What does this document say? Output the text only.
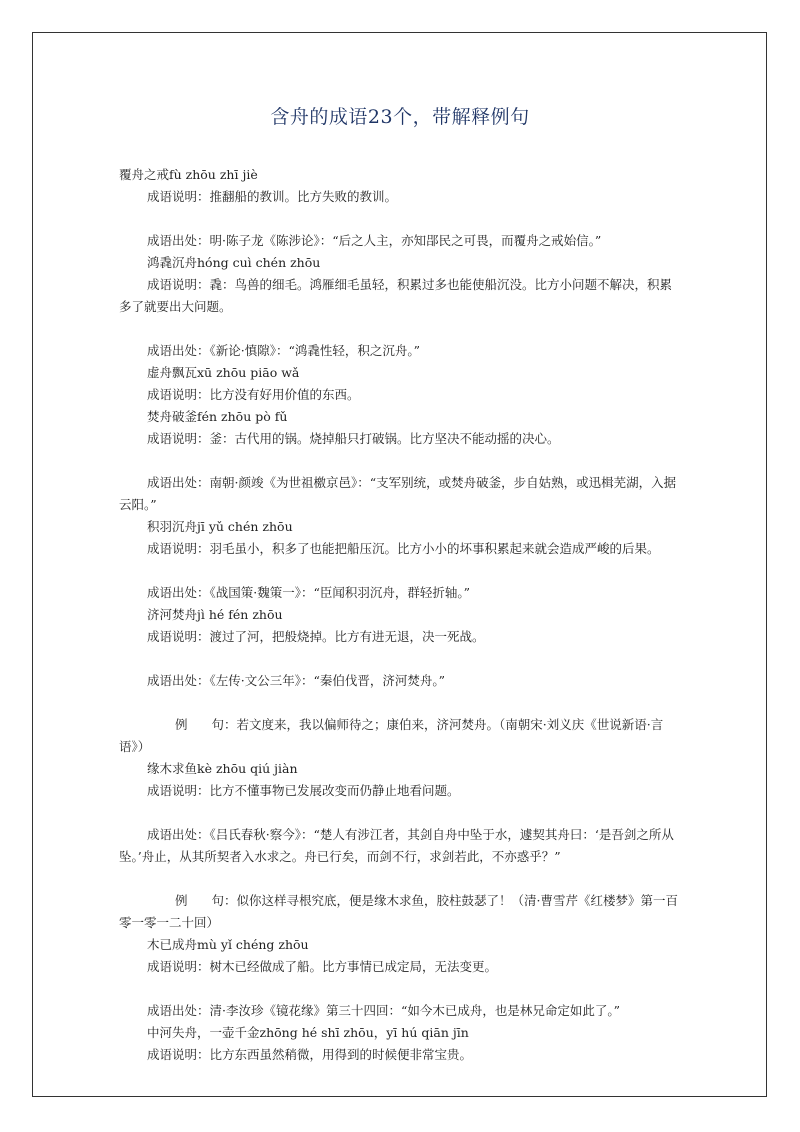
含舟的成语23个，带解释例句
覆舟之戒fù zhōu zhī jiè
成语说明：推翻船的教训。比方失败的教训。
成语出处：明·陈子龙《陈涉论》：“后之人主，亦知郘民之可畏，而覆舟之戒始信。”
鸿毳沉舟hóng cuì chén zhōu
成语说明：毳：鸟兽的细毛。鸿雁细毛虽轻，积累过多也能使船沉没。比方小问题不解决，积累多了就要出大问题。
成语出处：《新论·慎隙》：“鸿毳性轻，积之沉舟。”
虚舟飘瓦xū zhōu piāo wǎ
成语说明：比方没有好用价值的东西。
焚舟破釜fén zhōu pò fǔ
成语说明：釜：古代用的锅。烧掉船只打破锅。比方坚决不能动摇的决心。
成语出处：南朝·颜竣《为世祖檄京邑》：“支军别统，或焚舟破釜，步自姑熟，或迅楫芜湖，入据云阳。”
积羽沉舟jī yǔ chén zhōu
成语说明：羽毛虽小，积多了也能把船压沉。比方小小的坏事积累起来就会造成严峻的后果。
成语出处：《战国策·魏策一》：“臣闻积羽沉舟，群轻折轴。”
济河焚舟jì hé fén zhōu
成语说明：渡过了河，把般烧掉。比方有进无退，决一死战。
成语出处：《左传·文公三年》：“秦伯伐晋，济河焚舟。”
例 句：若文度来，我以偏师待之；康伯来，济河焚舟。（南朝宋·刘义庆《世说新语·言语》）
缘木求鱼kè zhōu qiú jiàn
成语说明：比方不懂事物已发展改变而仍静止地看问题。
成语出处：《吕氏春秋·察今》：“楚人有涉江者，其剑自舟中坠于水，遽契其舟曰：‘是吾剑之所从坠。’舟止，从其所契者入水求之。舟已行矣，而剑不行，求剑若此，不亦惑乎？”
例 句：似你这样寻根究底，便是缘木求鱼，胶柱鼓瑟了！（清·曹雪芹《红楼梦》第一百零一零一二十回）
木已成舟mù yǐ chéng zhōu
成语说明：树木已经做成了船。比方事情已成定局，无法变更。
成语出处：清·李汝珍《镜花缘》第三十四回：“如今木已成舟，也是林兄命定如此了。”
中河失舟，一壶千金zhōng hé shī zhōu，yī hú qiān jīn
成语说明：比方东西虽然稍微，用得到的时候便非常宝贵。
